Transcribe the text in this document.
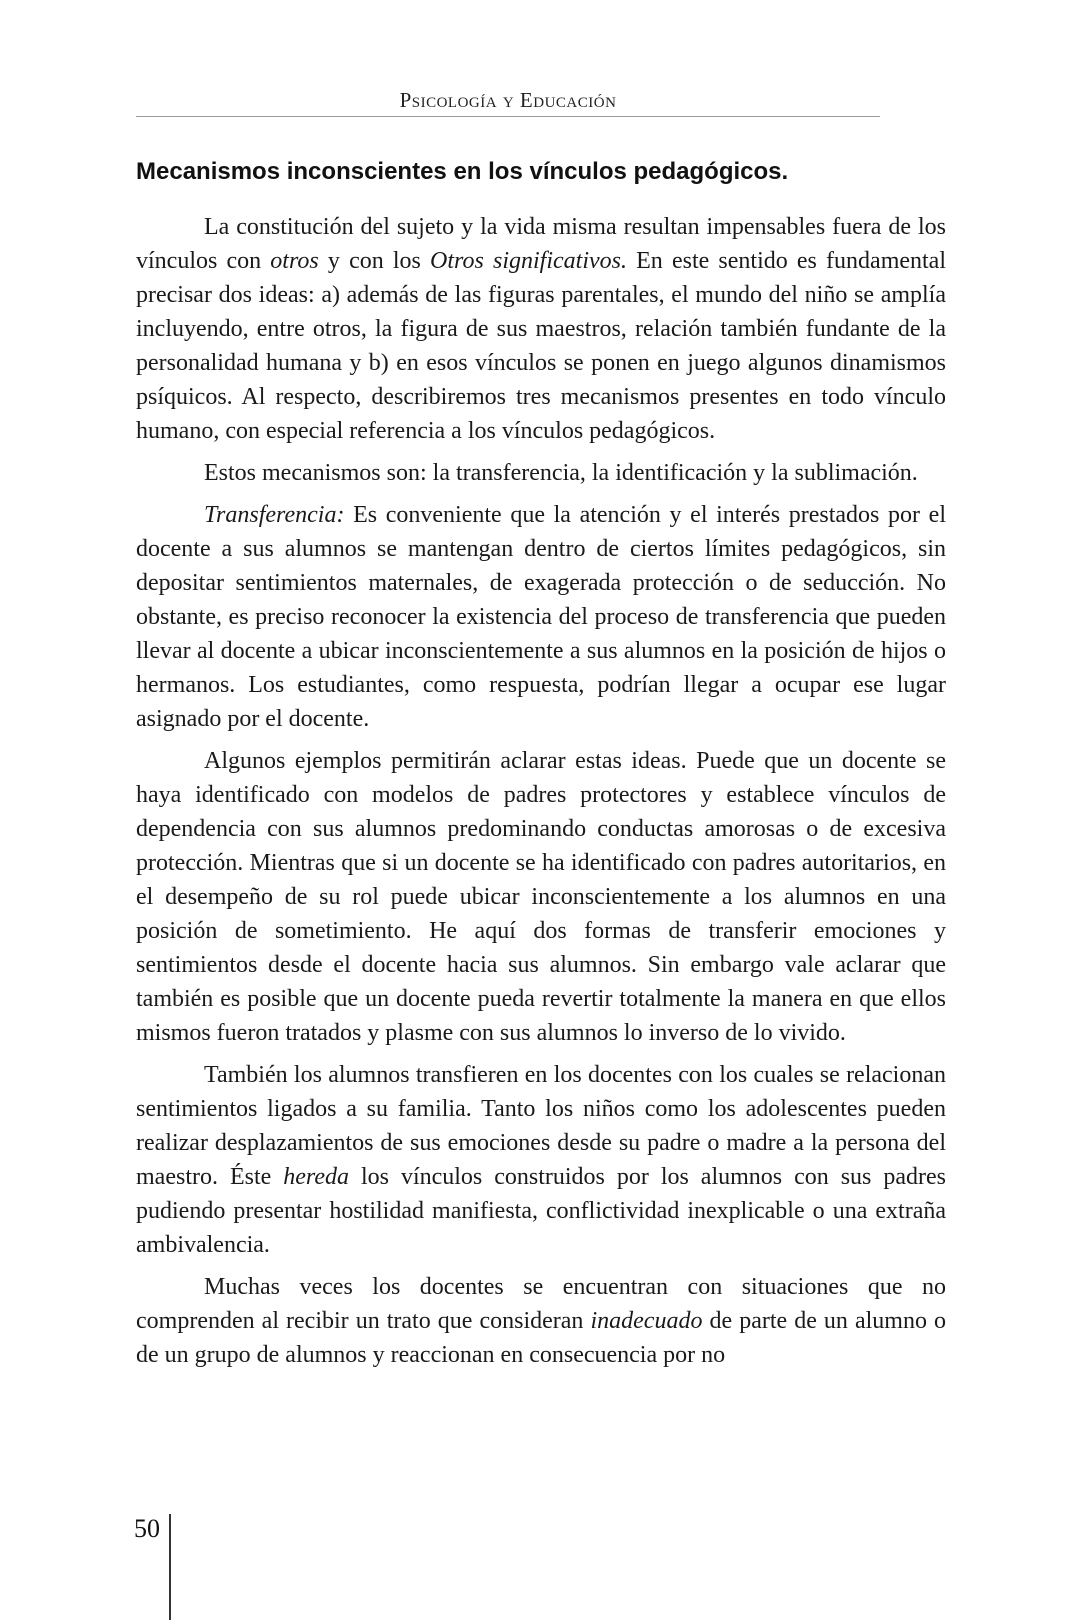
Psicología y Educación
Mecanismos inconscientes en los vínculos pedagógicos.

La constitución del sujeto y la vida misma resultan impensables fuera de los vínculos con otros y con los Otros significativos. En este sentido es fundamental precisar dos ideas: a) además de las figuras parentales, el mundo del niño se amplía incluyendo, entre otros, la figura de sus maestros, relación también fundante de la personalidad humana y b) en esos vínculos se ponen en juego algunos dinamismos psíquicos. Al respecto, describiremos tres mecanismos presentes en todo vínculo humano, con especial referencia a los vínculos pedagógicos.

Estos mecanismos son: la transferencia, la identificación y la sublimación.

Transferencia: Es conveniente que la atención y el interés prestados por el docente a sus alumnos se mantengan dentro de ciertos límites pedagógicos, sin depositar sentimientos maternales, de exagerada protección o de seducción. No obstante, es preciso reconocer la existencia del proceso de transferencia que pueden llevar al docente a ubicar inconscientemente a sus alumnos en la posición de hijos o hermanos. Los estudiantes, como respuesta, podrían llegar a ocupar ese lugar asignado por el docente.

Algunos ejemplos permitirán aclarar estas ideas. Puede que un docente se haya identificado con modelos de padres protectores y establece vínculos de dependencia con sus alumnos predominando conductas amorosas o de excesiva protección. Mientras que si un docente se ha identificado con padres autoritarios, en el desempeño de su rol puede ubicar inconscientemente a los alumnos en una posición de sometimiento. He aquí dos formas de transferir emociones y sentimientos desde el docente hacia sus alumnos. Sin embargo vale aclarar que también es posible que un docente pueda revertir totalmente la manera en que ellos mismos fueron tratados y plasme con sus alumnos lo inverso de lo vivido.

También los alumnos transfieren en los docentes con los cuales se relacionan sentimientos ligados a su familia. Tanto los niños como los adolescentes pueden realizar desplazamientos de sus emociones desde su padre o madre a la persona del maestro. Éste hereda los vínculos construidos por los alumnos con sus padres pudiendo presentar hostilidad manifiesta, conflictividad inexplicable o una extraña ambivalencia.

Muchas veces los docentes se encuentran con situaciones que no comprenden al recibir un trato que consideran inadecuado de parte de un alumno o de un grupo de alumnos y reaccionan en consecuencia por no

50
